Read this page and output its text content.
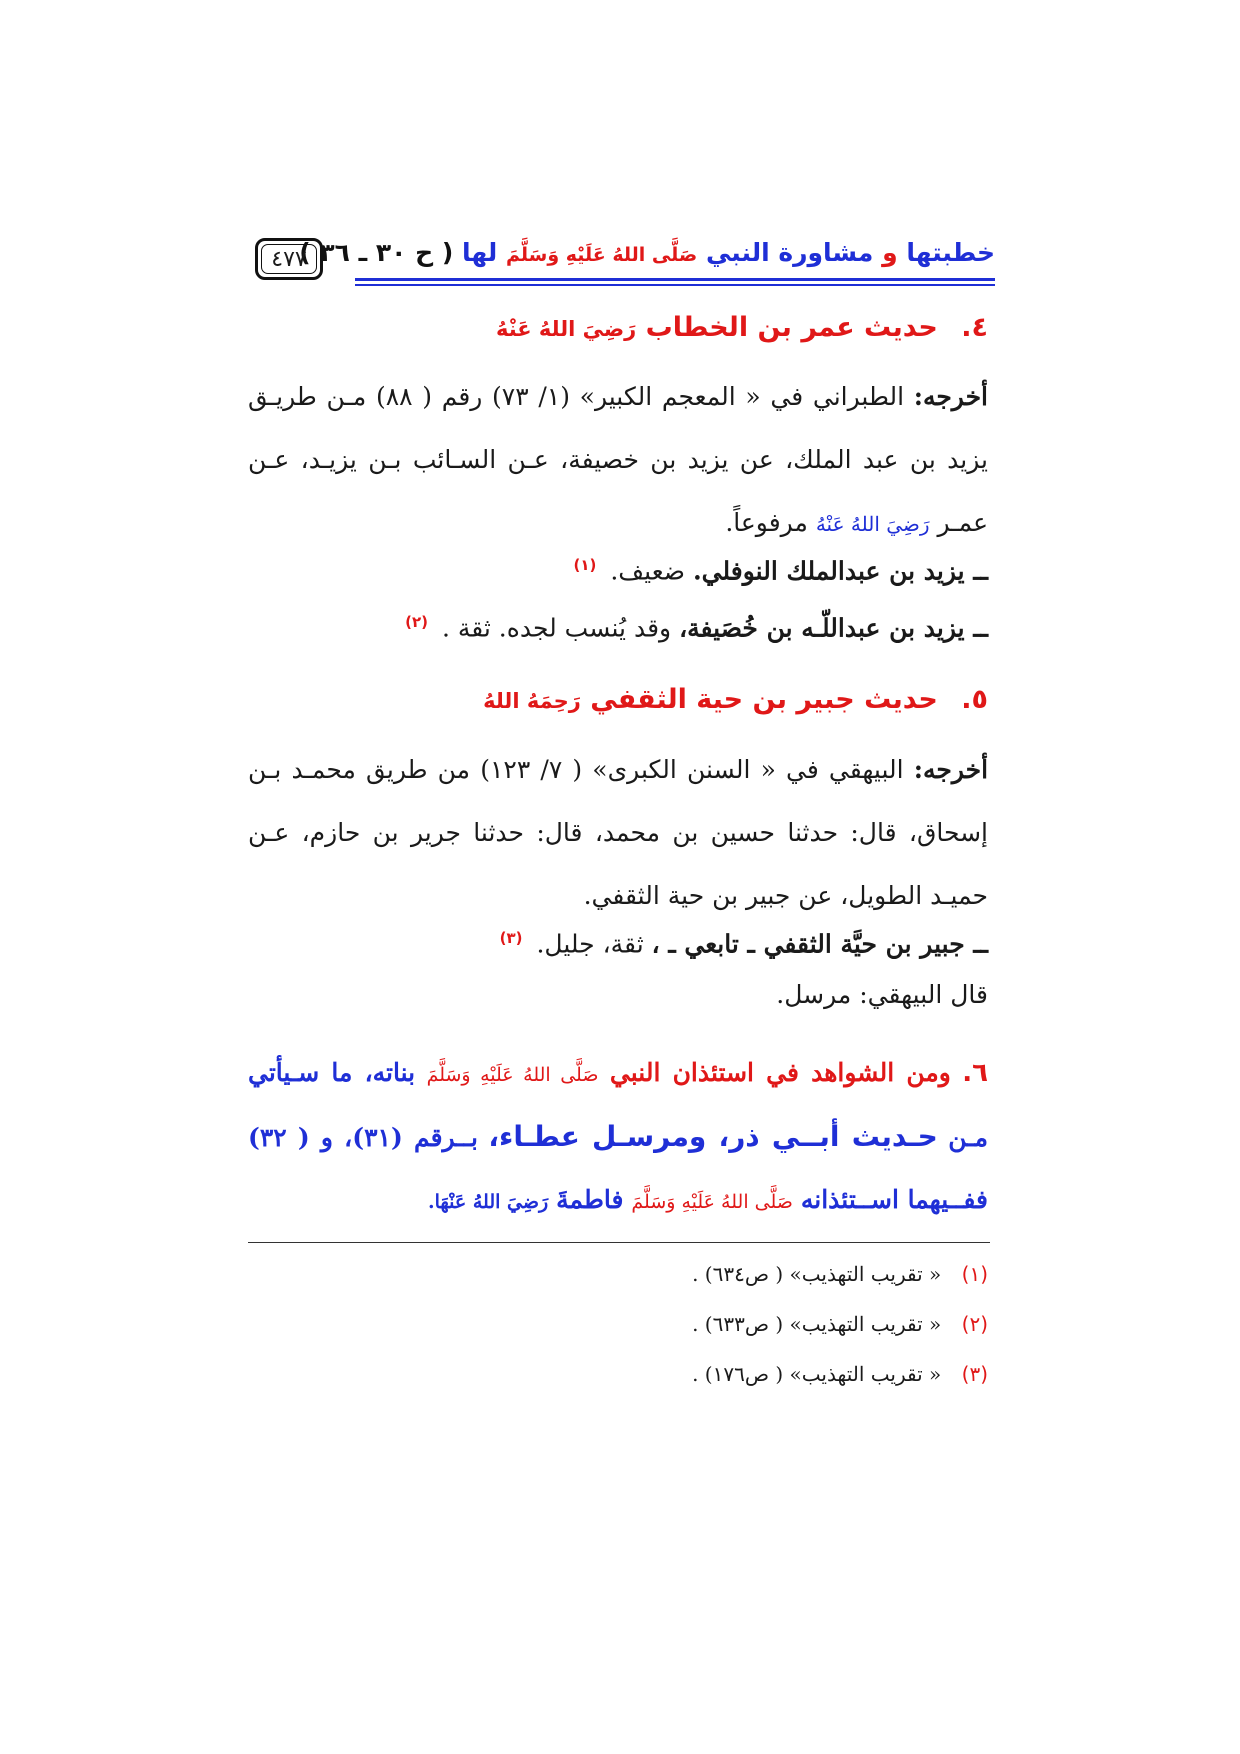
خطبتها و مشاورة النبي صَلَّى اللهُ عَلَيْهِ وَسَلَّمَ لها ( ح ٣٠ ـ ٣٦ )
٤٧٧
٤. حديث عمر بن الخطاب رَضِيَ اللهُ عَنْهُ
أخرجه: الطبراني في « المعجم الكبير» (١/ ٧٣) رقم ( ٨٨) مـن طريـق يزيد بن عبد الملك، عن يزيد بن خصيفة، عـن السـائب بـن يزيـد، عـن عمـر رَضِيَ اللهُ عَنْهُ مرفوعاً.
ــ يزيد بن عبدالملك النوفلي. ضعيف. $^{(١)}$
ــ يزيد بن عبداللّـه بن خُصَيفة، وقد يُنسب لجده. ثقة . $^{(٢)}$
٥. حديث جبير بن حية الثقفي رَحِمَهُ اللهُ
أخرجه: البيهقي في « السنن الكبرى» ( ٧/ ١٢٣) من طريق محمـد بـن إسحاق، قال: حدثنا حسين بن محمد، قال: حدثنا جرير بن حازم، عـن حميـد الطويل، عن جبير بن حية الثقفي.
ــ جبير بن حيَّة الثقفي ـ تابعي ـ ، ثقة، جليل. $^{(٣)}$
قال البيهقي: مرسل.
٦. ومن الشواهد في استئذان النبي صَلَّى اللهُ عَلَيْهِ وَسَلَّمَ بناته، ما سـيأتي مـن حـديث أبــي ذر، ومرسـل عطـاء، بــرقم (٣١)، و ( ٣٢) ففــيهما اســتئذانه صَلَّى اللهُ عَلَيْهِ وَسَلَّمَ فاطمةَ رَضِيَ اللهُ عَنْهَا.
(١) « تقريب التهذيب» ( ص٦٣٤) .
(٢) « تقريب التهذيب» ( ص٦٣٣) .
(٣) « تقريب التهذيب» ( ص١٧٦) .
